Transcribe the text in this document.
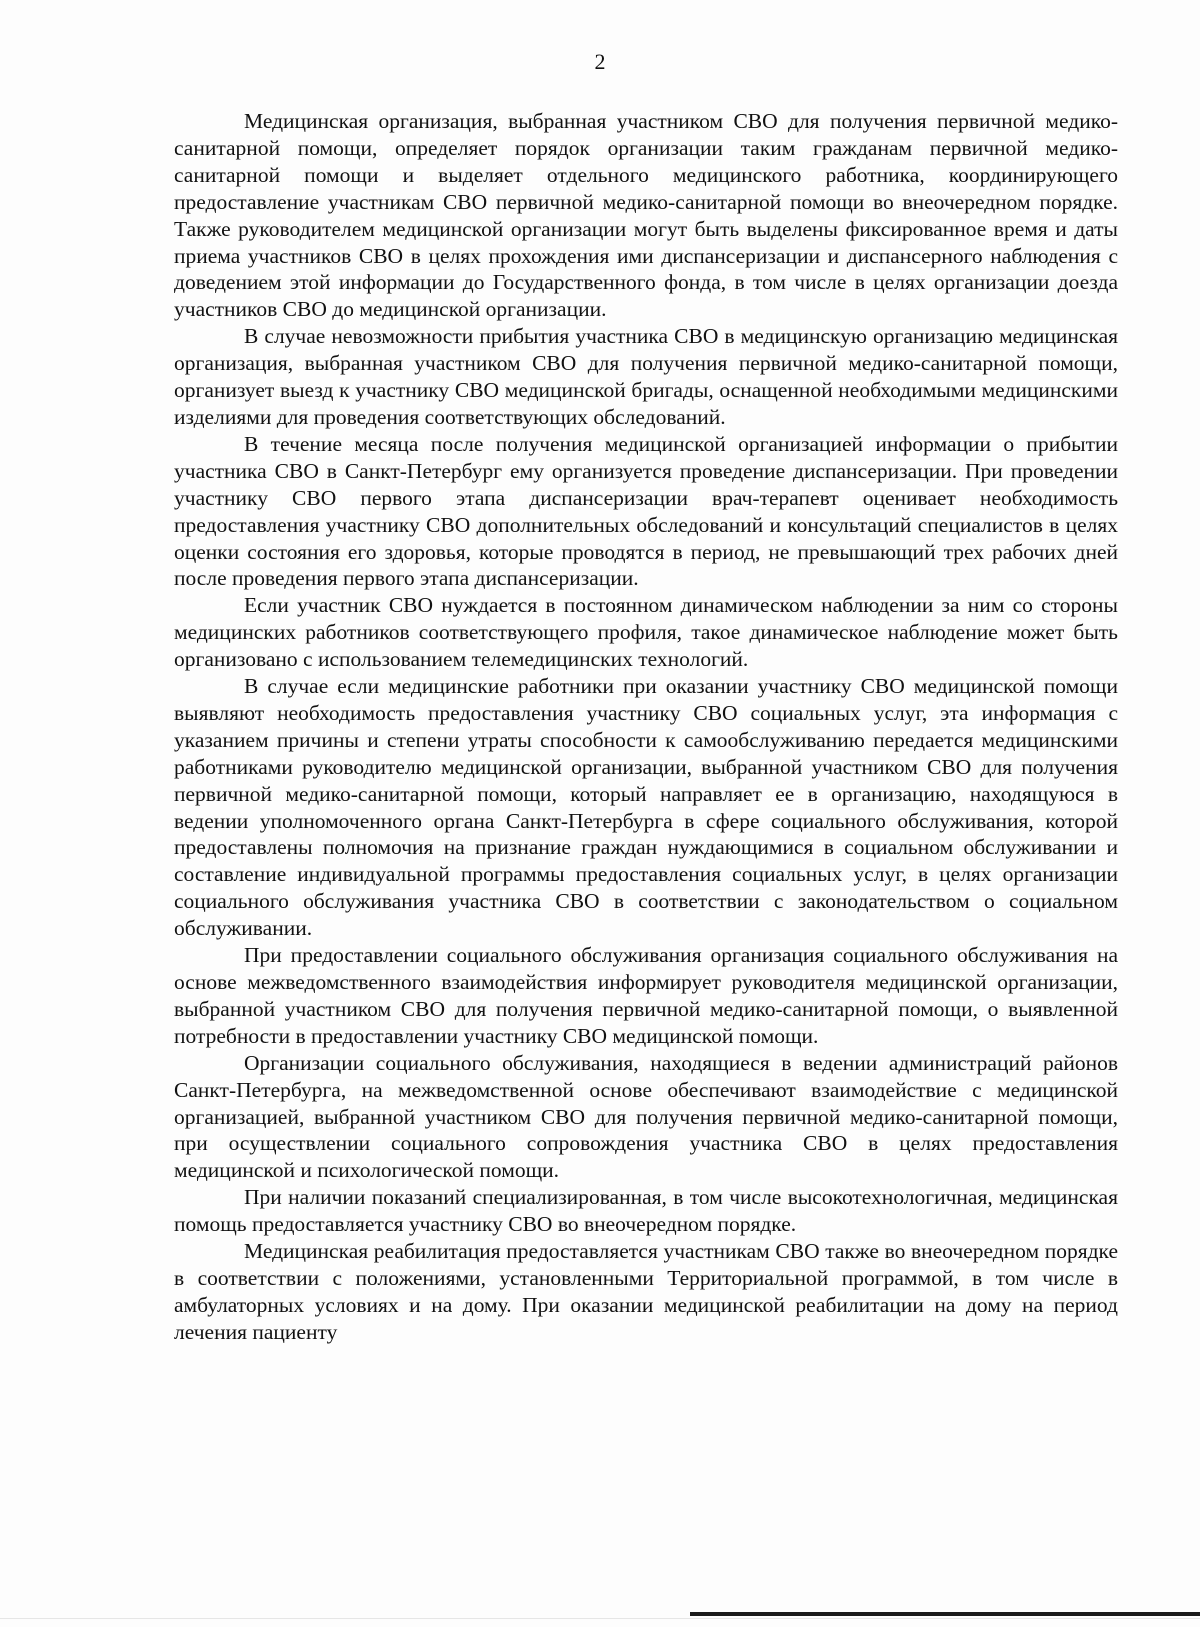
2

Медицинская организация, выбранная участником СВО для получения первичной медико-санитарной помощи, определяет порядок организации таким гражданам первичной медико-санитарной помощи и выделяет отдельного медицинского работника, координирующего предоставление участникам СВО первичной медико-санитарной помощи во внеочередном порядке. Также руководителем медицинской организации могут быть выделены фиксированное время и даты приема участников СВО в целях прохождения ими диспансеризации и диспансерного наблюдения с доведением этой информации до Государственного фонда, в том числе в целях организации доезда участников СВО до медицинской организации.

В случае невозможности прибытия участника СВО в медицинскую организацию медицинская организация, выбранная участником СВО для получения первичной медико-санитарной помощи, организует выезд к участнику СВО медицинской бригады, оснащенной необходимыми медицинскими изделиями для проведения соответствующих обследований.

В течение месяца после получения медицинской организацией информации о прибытии участника СВО в Санкт-Петербург ему организуется проведение диспансеризации. При проведении участнику СВО первого этапа диспансеризации врач-терапевт оценивает необходимость предоставления участнику СВО дополнительных обследований и консультаций специалистов в целях оценки состояния его здоровья, которые проводятся в период, не превышающий трех рабочих дней после проведения первого этапа диспансеризации.

Если участник СВО нуждается в постоянном динамическом наблюдении за ним со стороны медицинских работников соответствующего профиля, такое динамическое наблюдение может быть организовано с использованием телемедицинских технологий.

В случае если медицинские работники при оказании участнику СВО медицинской помощи выявляют необходимость предоставления участнику СВО социальных услуг, эта информация с указанием причины и степени утраты способности к самообслуживанию передается медицинскими работниками руководителю медицинской организации, выбранной участником СВО для получения первичной медико-санитарной помощи, который направляет ее в организацию, находящуюся в ведении уполномоченного органа Санкт-Петербурга в сфере социального обслуживания, которой предоставлены полномочия на признание граждан нуждающимися в социальном обслуживании и составление индивидуальной программы предоставления социальных услуг, в целях организации социального обслуживания участника СВО в соответствии с законодательством о социальном обслуживании.

При предоставлении социального обслуживания организация социального обслуживания на основе межведомственного взаимодействия информирует руководителя медицинской организации, выбранной участником СВО для получения первичной медико-санитарной помощи, о выявленной потребности в предоставлении участнику СВО медицинской помощи.

Организации социального обслуживания, находящиеся в ведении администраций районов Санкт-Петербурга, на межведомственной основе обеспечивают взаимодействие с медицинской организацией, выбранной участником СВО для получения первичной медико-санитарной помощи, при осуществлении социального сопровождения участника СВО в целях предоставления медицинской и психологической помощи.

При наличии показаний специализированная, в том числе высокотехнологичная, медицинская помощь предоставляется участнику СВО во внеочередном порядке.

Медицинская реабилитация предоставляется участникам СВО также во внеочередном порядке в соответствии с положениями, установленными Территориальной программой, в том числе в амбулаторных условиях и на дому. При оказании медицинской реабилитации на дому на период лечения пациенту
